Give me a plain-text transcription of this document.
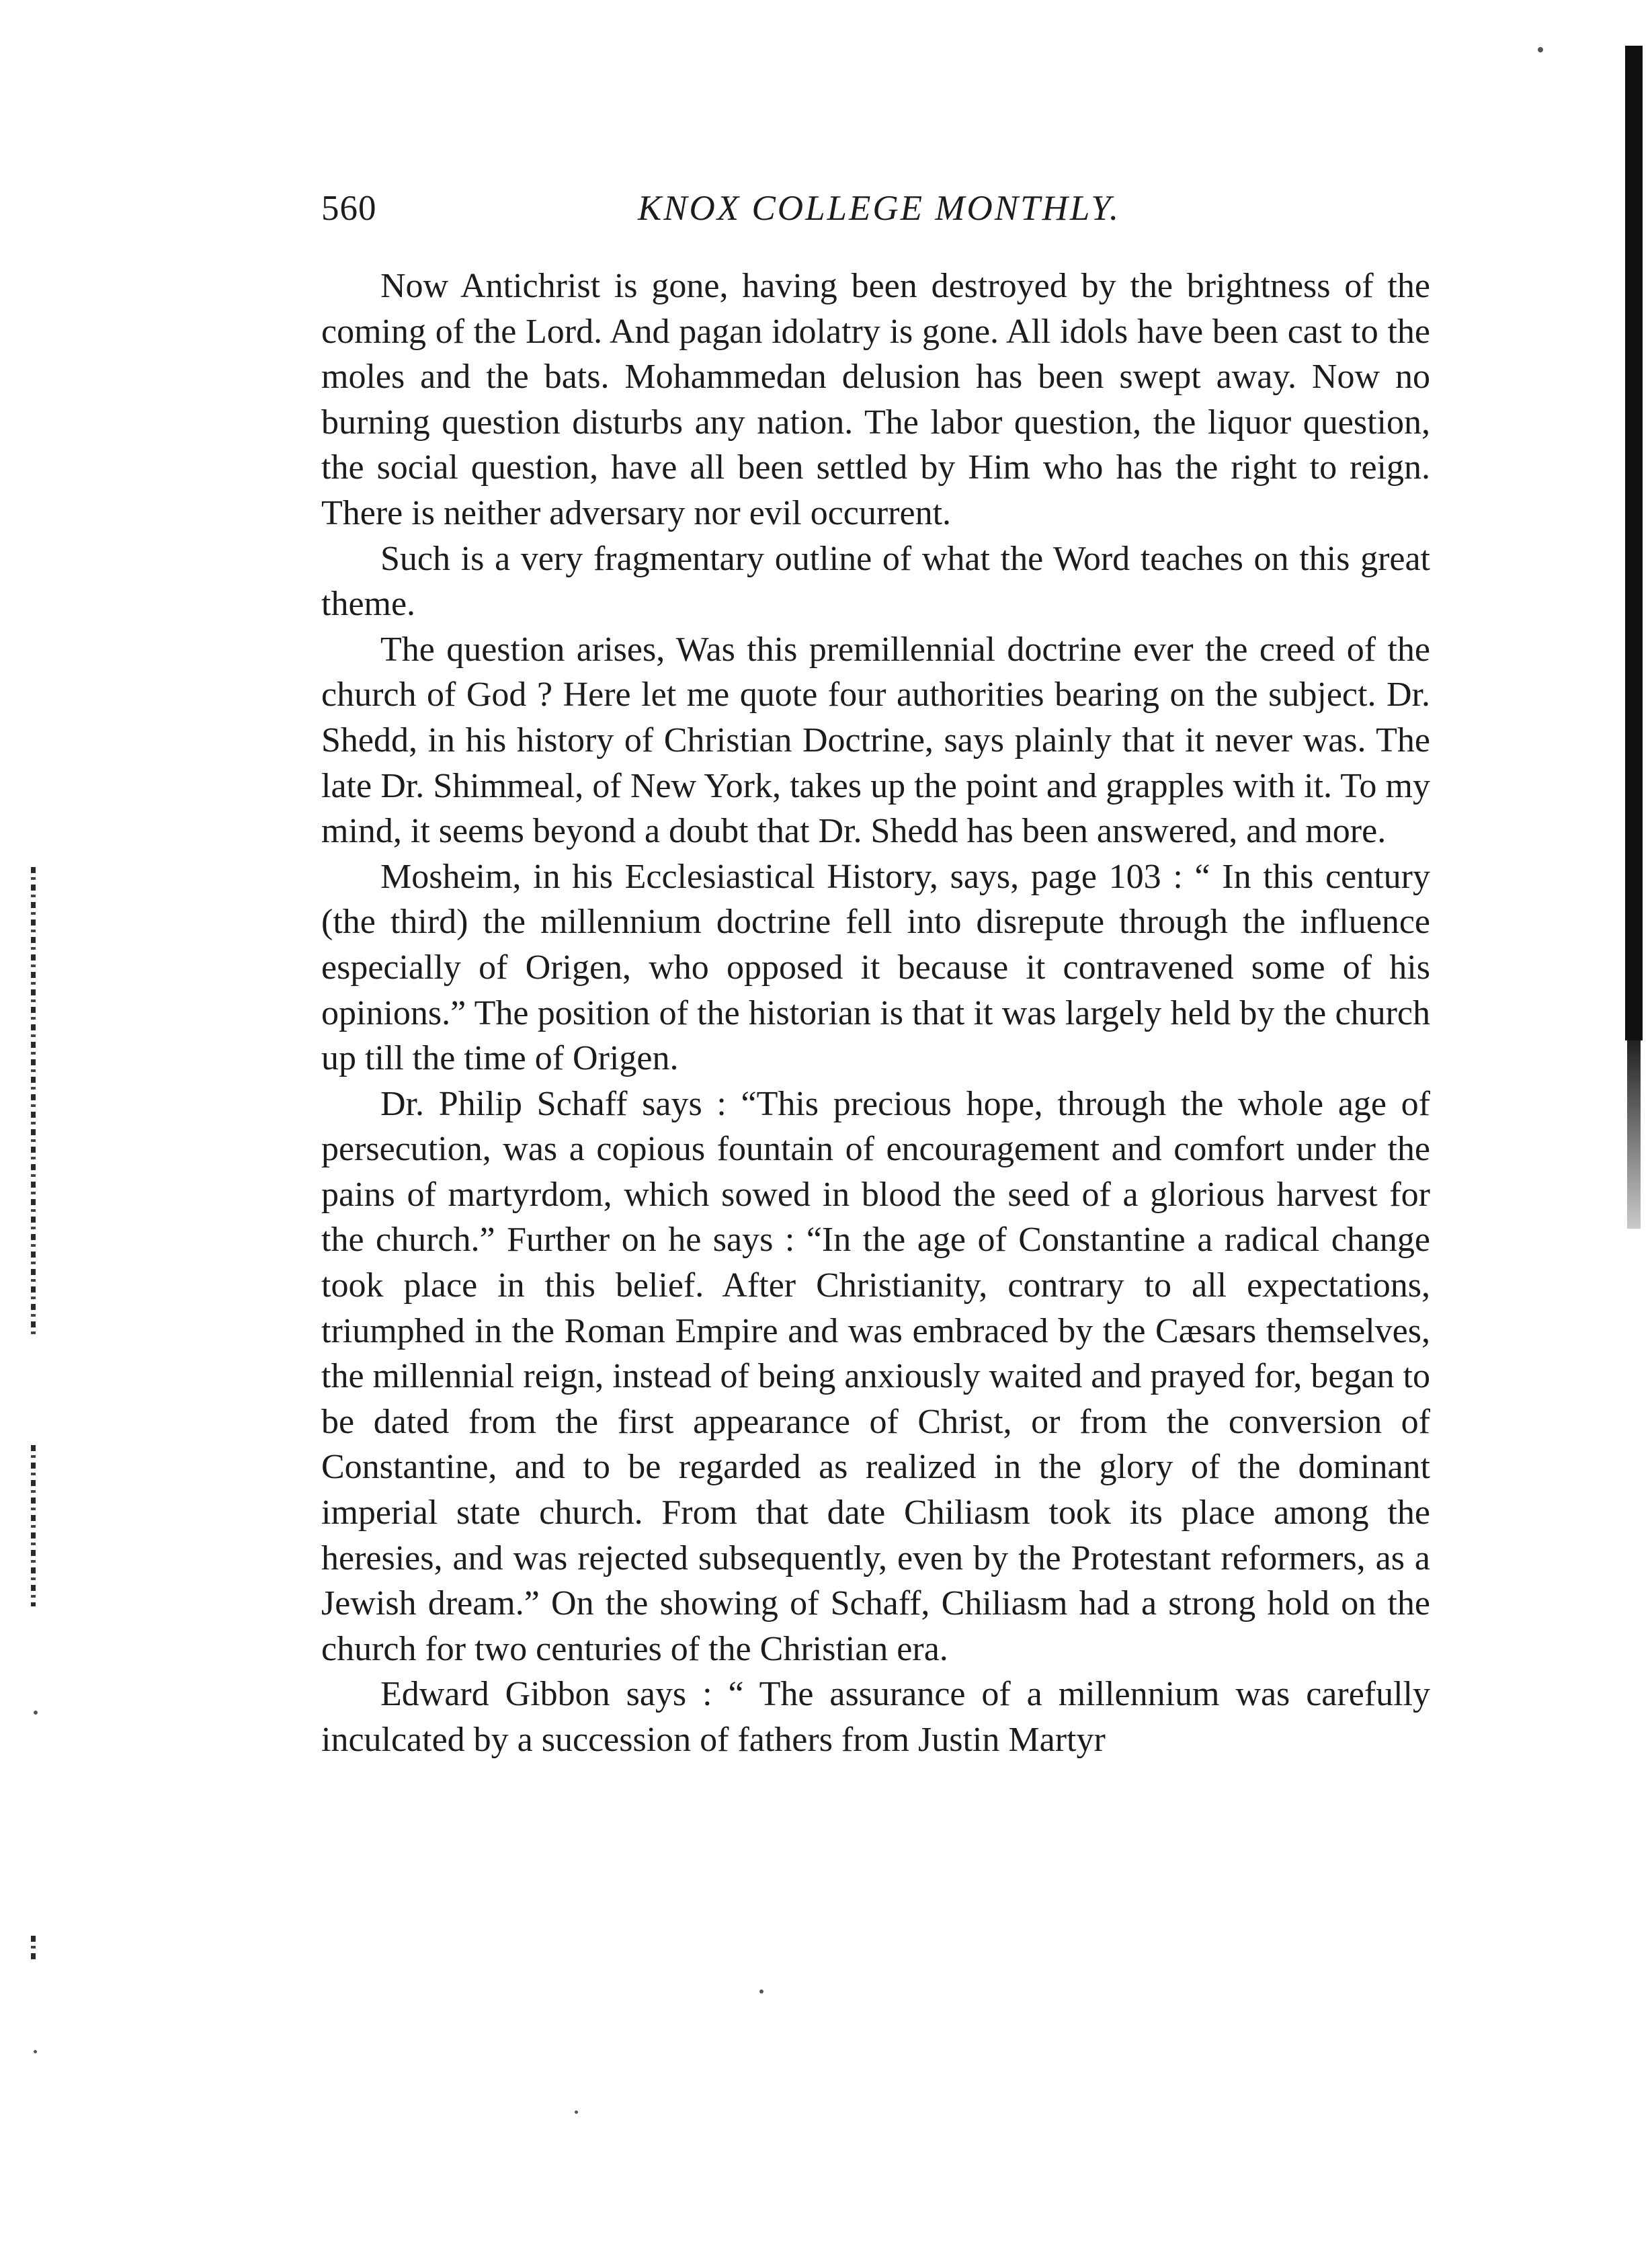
560	KNOX COLLEGE MONTHLY.

Now Antichrist is gone, having been destroyed by the brightness of the coming of the Lord. And pagan idolatry is gone. All idols have been cast to the moles and the bats. Mohammedan delusion has been swept away. Now no burning question disturbs any nation. The labor question, the liquor question, the social question, have all been settled by Him who has the right to reign. There is neither adversary nor evil occurrent.

Such is a very fragmentary outline of what the Word teaches on this great theme.

The question arises, Was this premillennial doctrine ever the creed of the church of God ? Here let me quote four authorities bearing on the subject. Dr. Shedd, in his history of Christian Doctrine, says plainly that it never was. The late Dr. Shimmeal, of New York, takes up the point and grapples with it. To my mind, it seems beyond a doubt that Dr. Shedd has been answered, and more.

Mosheim, in his Ecclesiastical History, says, page 103 : “ In this century (the third) the millennium doctrine fell into disrepute through the influence especially of Origen, who opposed it because it contravened some of his opinions.” The position of the historian is that it was largely held by the church up till the time of Origen.

Dr. Philip Schaff says : “This precious hope, through the whole age of persecution, was a copious fountain of encouragement and comfort under the pains of martyrdom, which sowed in blood the seed of a glorious harvest for the church.” Further on he says : “In the age of Constantine a radical change took place in this belief. After Christianity, contrary to all expectations, triumphed in the Roman Empire and was embraced by the Cæsars themselves, the millennial reign, instead of being anxiously waited and prayed for, began to be dated from the first appearance of Christ, or from the conversion of Constantine, and to be regarded as realized in the glory of the dominant imperial state church. From that date Chiliasm took its place among the heresies, and was rejected subsequently, even by the Protestant reformers, as a Jewish dream.” On the showing of Schaff, Chiliasm had a strong hold on the church for two centuries of the Christian era.

Edward Gibbon says : “ The assurance of a millennium was carefully inculcated by a succession of fathers from Justin Martyr
